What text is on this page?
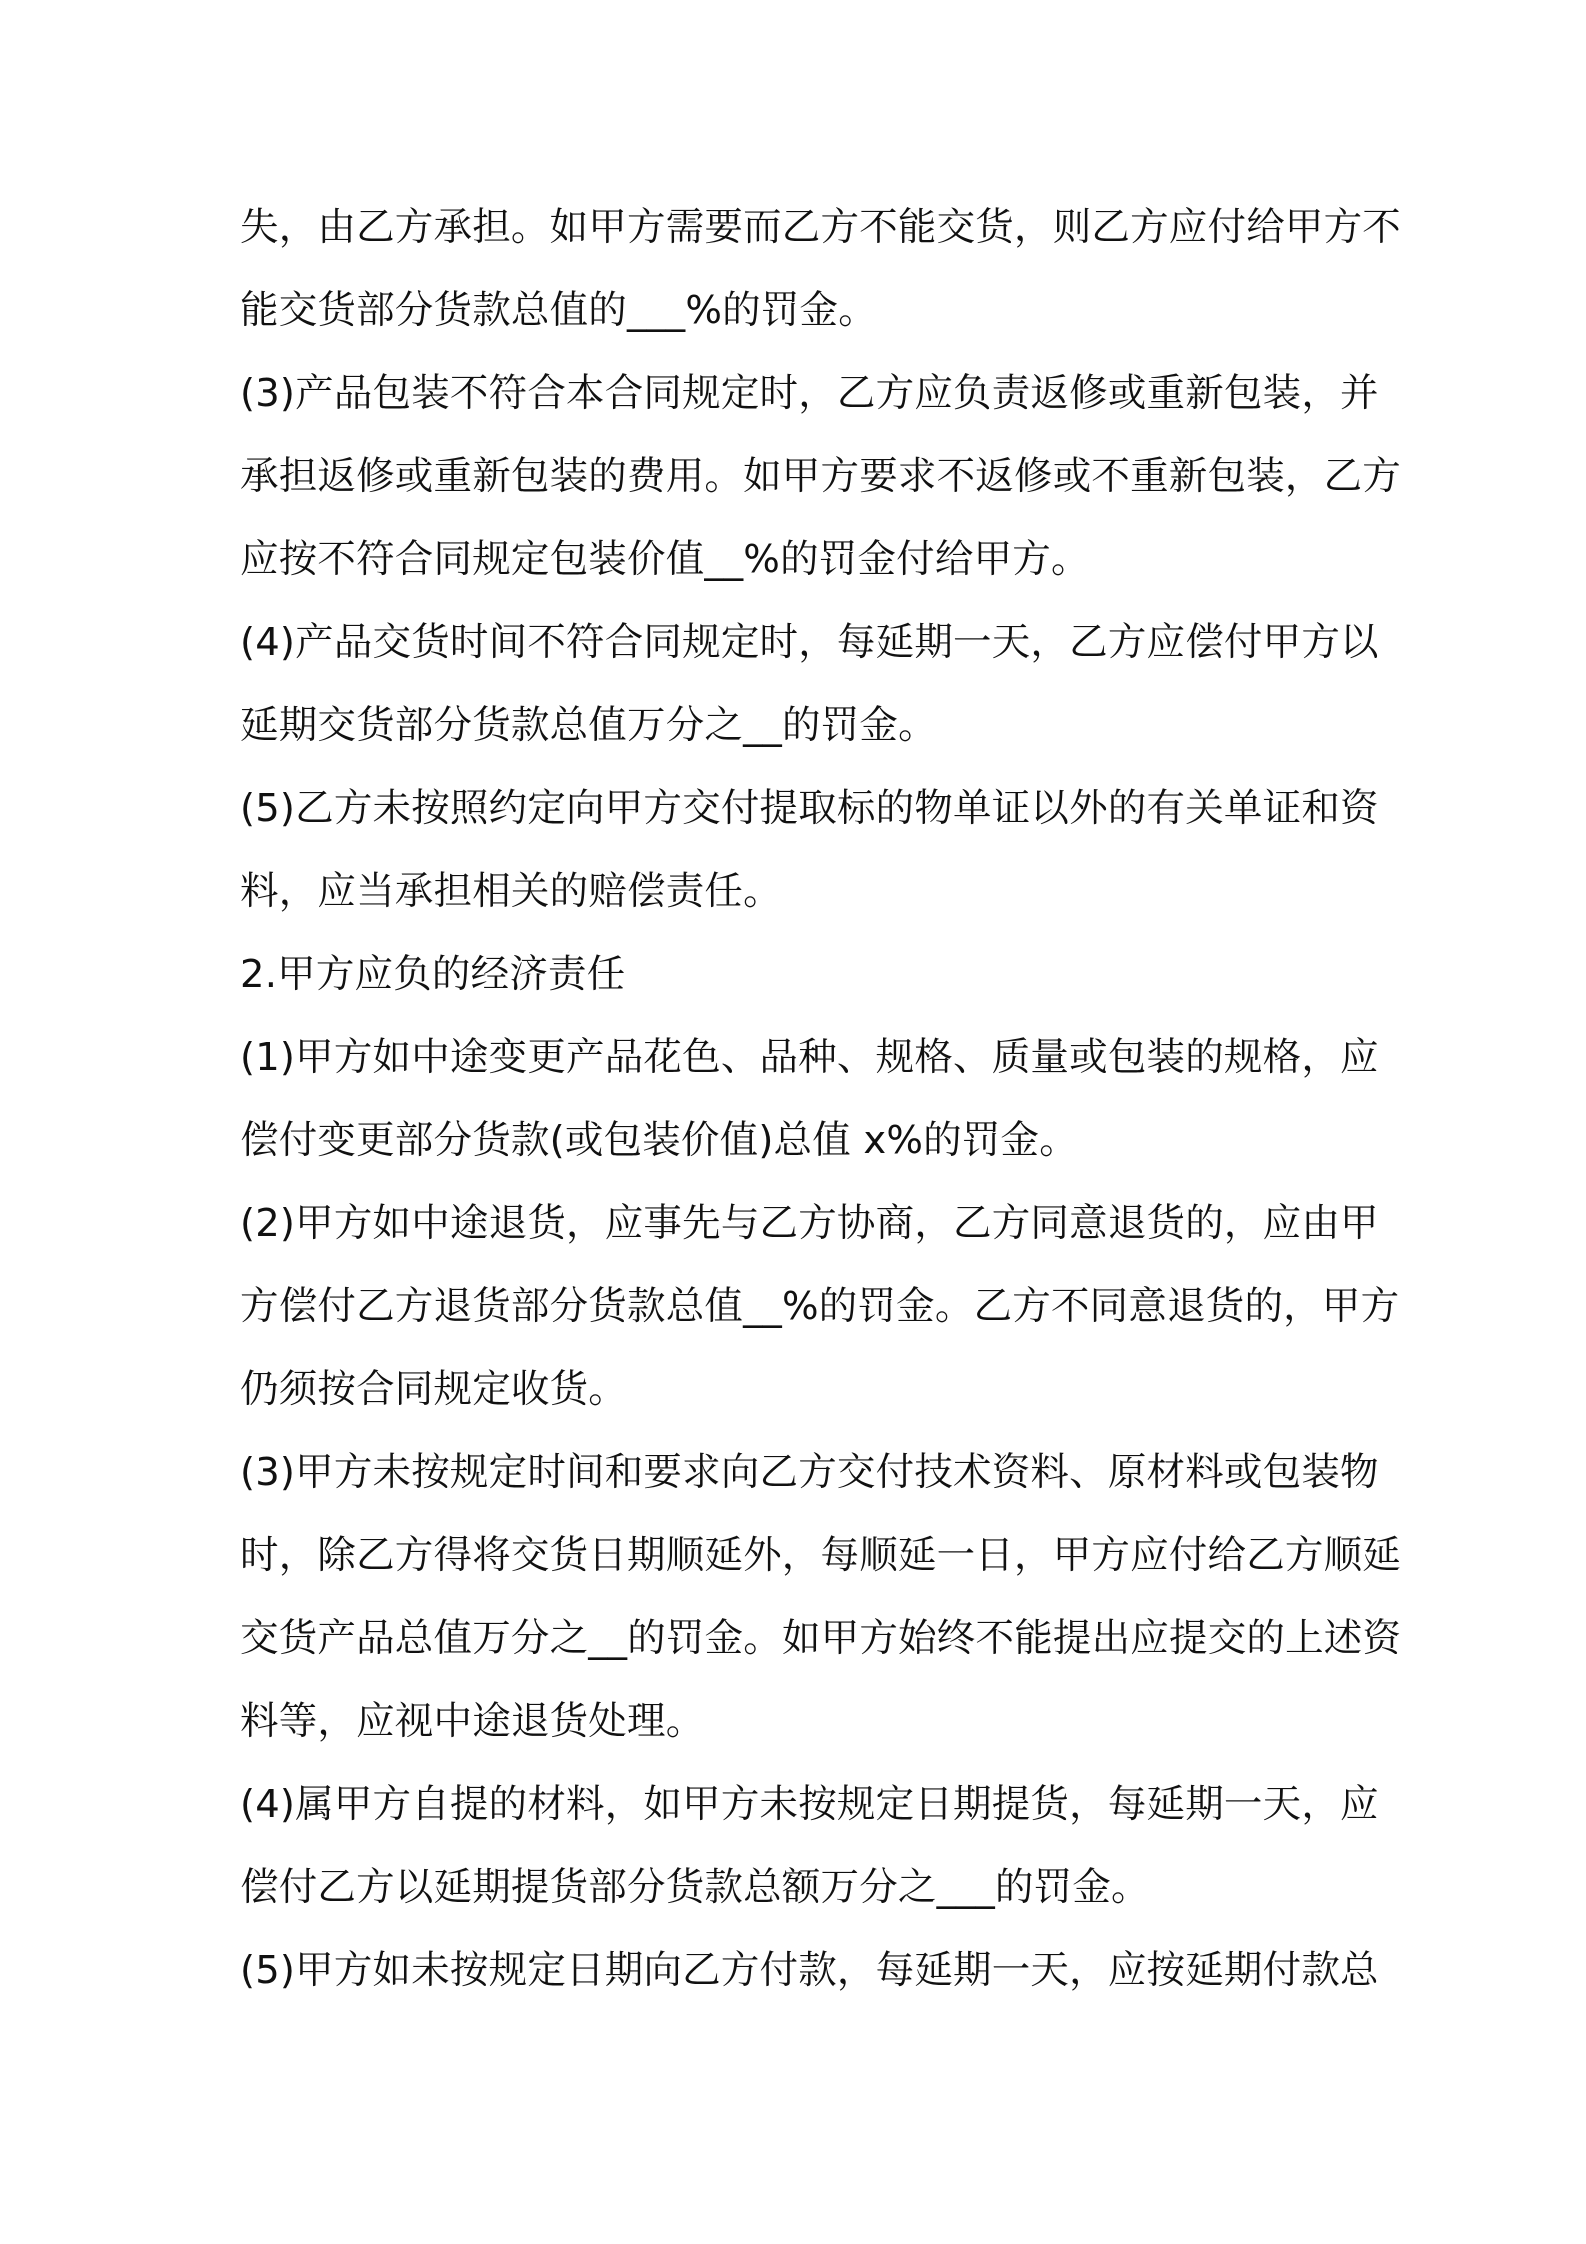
失，由乙方承担。如甲方需要而乙方不能交货，则乙方应付给甲方不
能交货部分货款总值的___%的罚金。
(3)产品包装不符合本合同规定时，乙方应负责返修或重新包装，并
承担返修或重新包装的费用。如甲方要求不返修或不重新包装，乙方
应按不符合同规定包装价值__%的罚金付给甲方。
(4)产品交货时间不符合同规定时，每延期一天，乙方应偿付甲方以
延期交货部分货款总值万分之__的罚金。
(5)乙方未按照约定向甲方交付提取标的物单证以外的有关单证和资
料，应当承担相关的赔偿责任。
2.甲方应负的经济责任
(1)甲方如中途变更产品花色、品种、规格、质量或包装的规格，应
偿付变更部分货款(或包装价值)总值 x%的罚金。
(2)甲方如中途退货，应事先与乙方协商，乙方同意退货的，应由甲
方偿付乙方退货部分货款总值__%的罚金。乙方不同意退货的，甲方
仍须按合同规定收货。
(3)甲方未按规定时间和要求向乙方交付技术资料、原材料或包装物
时，除乙方得将交货日期顺延外，每顺延一日，甲方应付给乙方顺延
交货产品总值万分之__的罚金。如甲方始终不能提出应提交的上述资
料等，应视中途退货处理。
(4)属甲方自提的材料，如甲方未按规定日期提货，每延期一天，应
偿付乙方以延期提货部分货款总额万分之___的罚金。
(5)甲方如未按规定日期向乙方付款，每延期一天，应按延期付款总
